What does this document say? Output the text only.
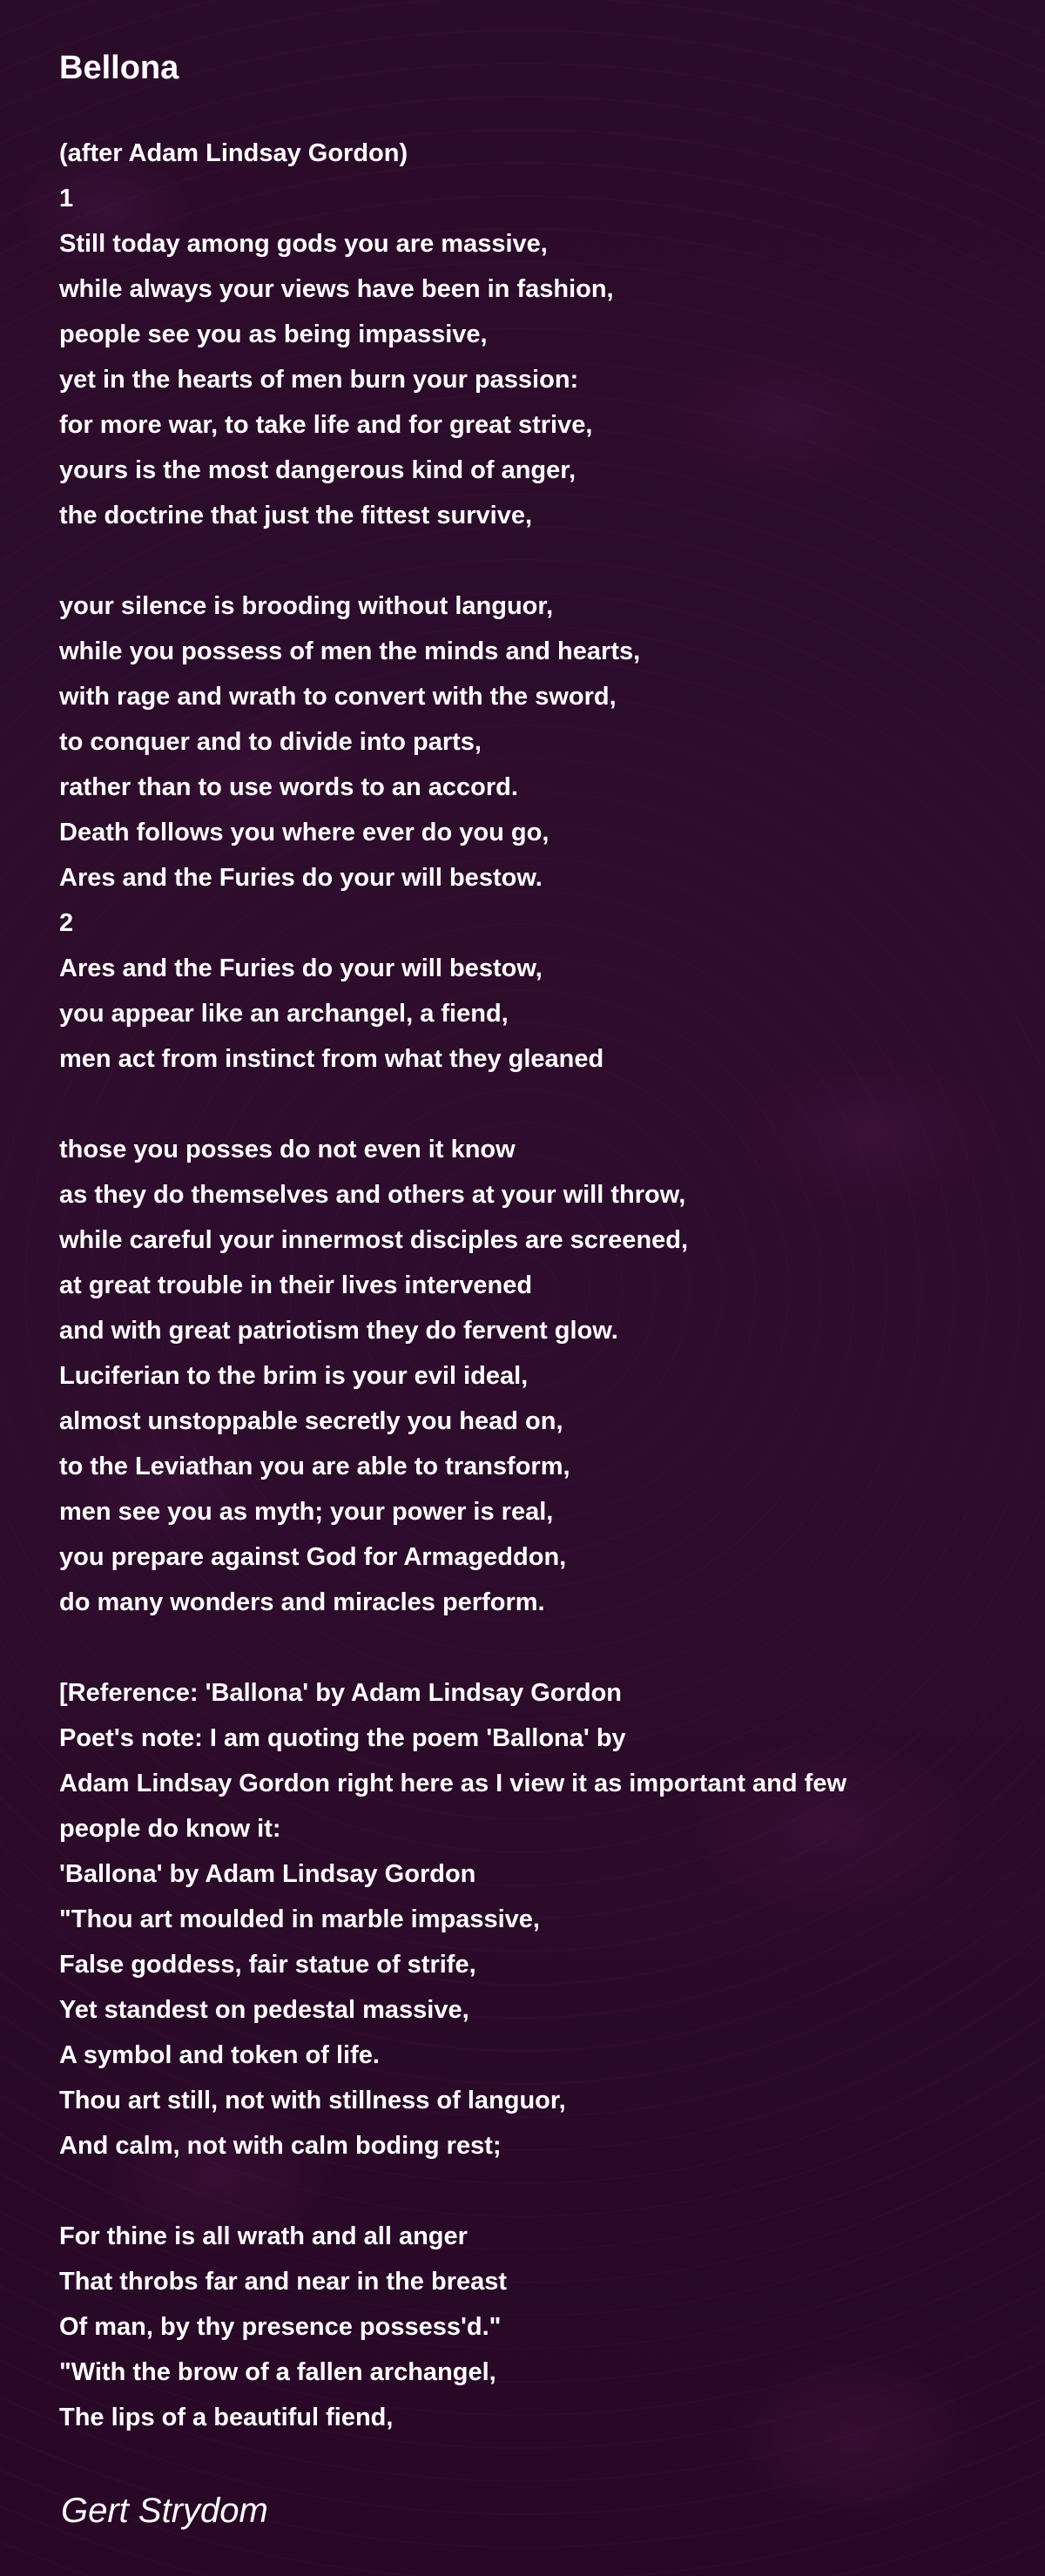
Bellona
(after Adam Lindsay Gordon)
1
Still today among gods you are massive,
while always your views have been in fashion,
people see you as being impassive,
yet in the hearts of men burn your passion:
for more war, to take life and for great strive,
yours is the most dangerous kind of anger,
the doctrine that just the fittest survive,
your silence is brooding without languor,
while you possess of men the minds and hearts,
with rage and wrath to convert with the sword,
to conquer and to divide into parts,
rather than to use words to an accord.
Death follows you where ever do you go,
Ares and the Furies do your will bestow.
2
Ares and the Furies do your will bestow,
you appear like an archangel, a fiend,
men act from instinct from what they gleaned
those you posses do not even it know
as they do themselves and others at your will throw,
while careful your innermost disciples are screened,
at great trouble in their lives intervened
and with great patriotism they do fervent glow.
Luciferian to the brim is your evil ideal,
almost unstoppable secretly you head on,
to the Leviathan you are able to transform,
men see you as myth; your power is real,
you prepare against God for Armageddon,
do many wonders and miracles perform.
[Reference: 'Ballona' by Adam Lindsay Gordon
Poet's note: I am quoting the poem 'Ballona' by
Adam Lindsay Gordon right here as I view it as important and few
people do know it:
'Ballona' by Adam Lindsay Gordon
"Thou art moulded in marble impassive,
False goddess, fair statue of strife,
Yet standest on pedestal massive,
A symbol and token of life.
Thou art still, not with stillness of languor,
And calm, not with calm boding rest;
For thine is all wrath and all anger
That throbs far and near in the breast
Of man, by thy presence possess'd."
"With the brow of a fallen archangel,
The lips of a beautiful fiend,
Gert Strydom
